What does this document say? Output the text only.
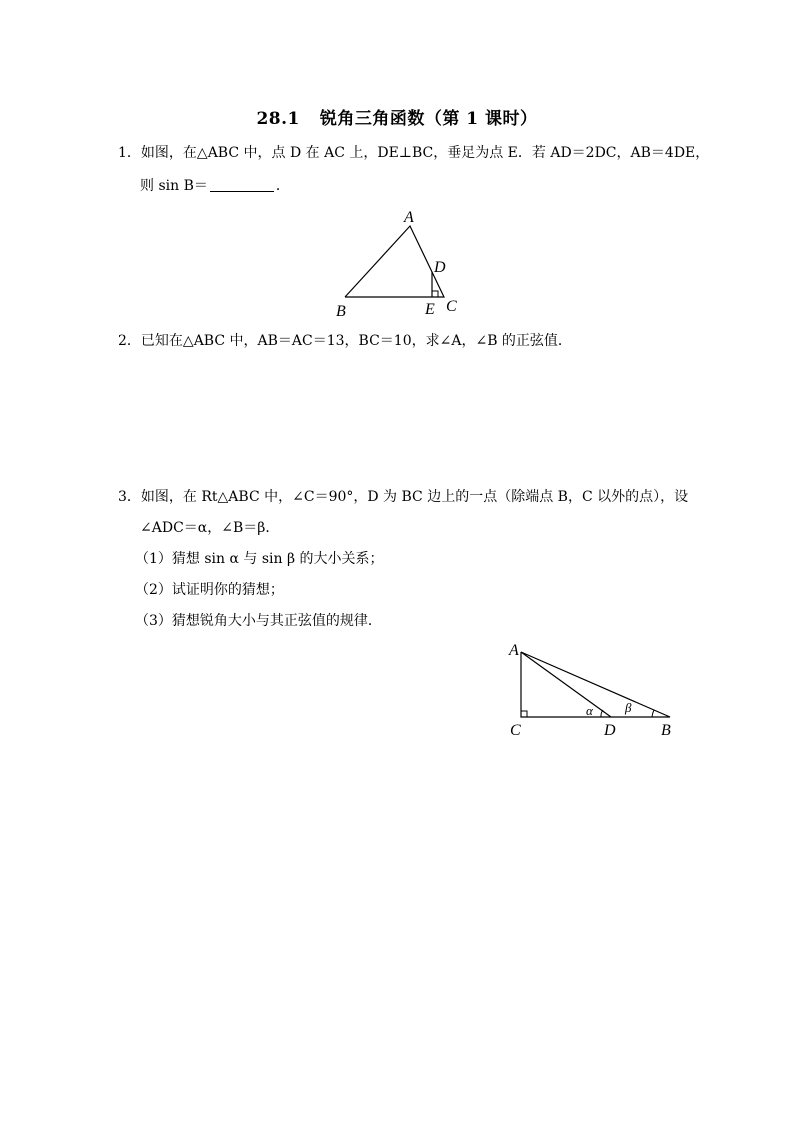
28.1 锐角三角函数（第 1 课时）
1．如图，在△ABC 中，点 D 在 AC 上，DE⊥BC，垂足为点 E．若 AD＝2DC，AB＝4DE，
则 sin B＝	．
A
D
B	E C
2．已知在△ABC 中，AB＝AC＝13，BC＝10，求∠A，∠B 的正弦值．
3．如图，在 Rt△ABC 中，∠C＝90°，D 为 BC 边上的一点（除端点 B，C 以外的点），设
∠ADC＝α，∠B＝β．
（1）猜想 sin α 与 sin β 的大小关系；
（2）试证明你的猜想；
（3）猜想锐角大小与其正弦值的规律．
A
C	D	B
α β
